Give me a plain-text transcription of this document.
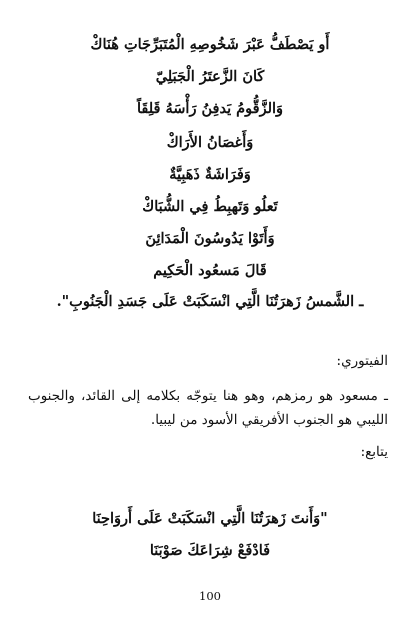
أَو يَصْطَفُّ عَبْرَ شَخُوصِهِ الْمُتَبَرِّجَاتِ هُنَاكْ
كَانَ الزَّعتَرُ الْجَبَلِيّ
وَالزَّقُّومُ يَدفِنُ رَأْسَهُ قَلِقَاً
وَأَغصَانُ الأَرَاكْ
وَفَرَاشَةٌ ذَهَبِيَّةٌ
تَعلُو وَتَهبِطُ فِي الشُّبَاكْ
وَأَتَوْا يَدُوسُونَ الْمَدَائِنَ
قَالَ مَسعُود الْحَكِيم
ـ الشَّمسُ زَهرَتُنَا الَّتِي انْسَكَبَتْ عَلَى جَسَدِ الْجَنُوبِ".
الفيتوري:
ـ مسعود هو رمزهم، وهو هنا يتوجّه بكلامه إلى القائد، والجنوب الليبي هو الجنوب الأفريقي الأسود من ليبيا.
يتابع:
"وَأَنتَ زَهرَتُنَا الَّتِي انْسَكَبَتْ عَلَى أَروَاحِنَا
فَادْفَعْ شِرَاعَكَ صَوْبَنَا
100
